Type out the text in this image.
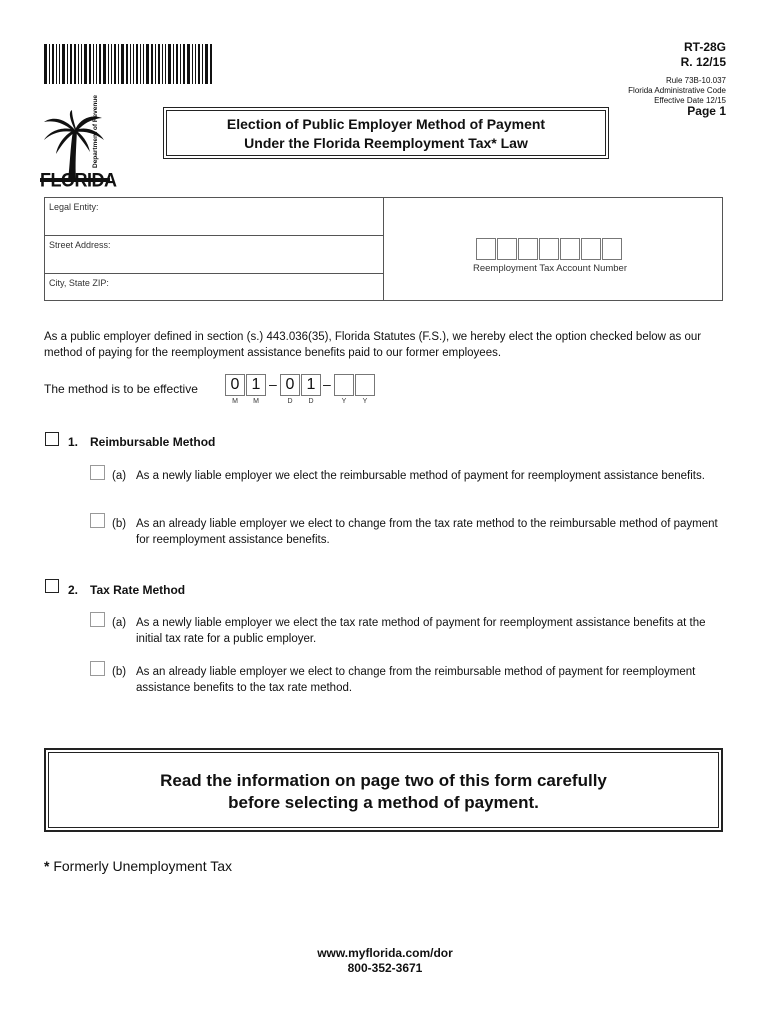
RT-28G
R. 12/15
Rule 73B-10.037
Florida Administrative Code
Effective Date 12/15
Page 1
Department of Revenue
FLORIDA
Election of Public Employer Method of Payment
Under the Florida Reemployment Tax* Law
Legal Entity:
Street Address:
City, State ZIP:
Reemployment Tax Account Number
As a public employer defined in section (s.) 443.036(35), Florida Statutes (F.S.), we hereby elect the option checked below as our method of paying for the reemployment assistance benefits paid to our former employees.
The method is to be effective	0 1 – 0 1 –
M	M	D	D	Y	Y
1. Reimbursable Method
(a) As a newly liable employer we elect the reimbursable method of payment for reemployment assistance benefits.
(b) As an already liable employer we elect to change from the tax rate method to the reimbursable method of payment for reemployment assistance benefits.
2. Tax Rate Method
(a) As a newly liable employer we elect the tax rate method of payment for reemployment assistance benefits at the initial tax rate for a public employer.
(b) As an already liable employer we elect to change from the reimbursable method of payment for reemployment assistance benefits to the tax rate method.
Read the information on page two of this form carefully
before selecting a method of payment.
* Formerly Unemployment Tax
www.myflorida.com/dor
800-352-3671
